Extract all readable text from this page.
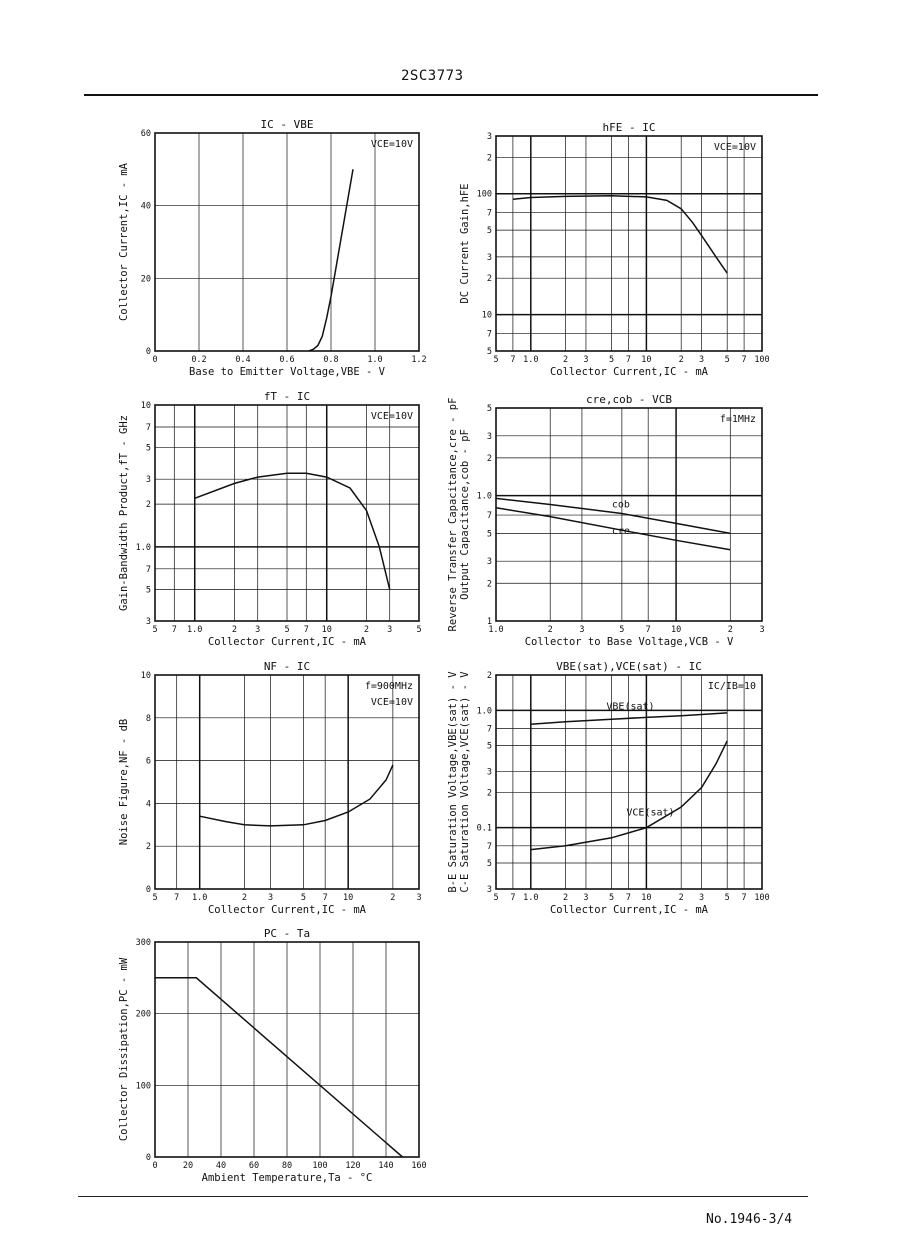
2SC3773
0	0.2	0.4	0.6	0.8	1.0	1.2
0
20
40
60
IC - VBE
Base to Emitter Voltage,VBE - V
Collector Current,IC - mA
VCE=10V
5 7 1.0	2 3 5 7 10	2 3 5 7 100
5
7
10
2
3
5
7
100
2
3
hFE - IC
Collector Current,IC - mA
DC Current Gain,hFE
VCE=10V
5 7 1.0	2 3	5 7 10	2 3	5
3
5
7
1.0
2
3
5
7
10
fT - IC
Collector Current,IC - mA
Gain-Bandwidth Product,fT - GHz	VCE=10V
1.0	2	3	5 7 10	2	3
1
2
3
5
7
1.0
2
3
5
cre,cob - VCB
Collector to Base Voltage,VCB - V
Reverse Transfer Capacitance,cre - pF Output Capacitance,cob - pF
f=1MHz
cob
cre
5 7 1.0	2 3	5 7 10	2 3
0
2
4
6
8
10
NF - IC
Collector Current,IC - mA
Noise Figure,NF - dB
f=900MHz
VCE=10V
5 7 1.0	2 3 5 7 10	2 3 5 7 100
3
5
7
0.1
2
3
5
7
1.0
2
VBE(sat),VCE(sat) - IC
Collector Current,IC - mA
B-E Saturation Voltage,VBE(sat) - V C-E Saturation Voltage,VCE(sat) - V	IC/IB=10
VBE(sat)
VCE(sat)
0	20	40	60	80 100 120 140 160
0
100
200
300
PC - Ta
Ambient Temperature,Ta - °C
Collector Dissipation,PC - mW
No.1946-3/4
